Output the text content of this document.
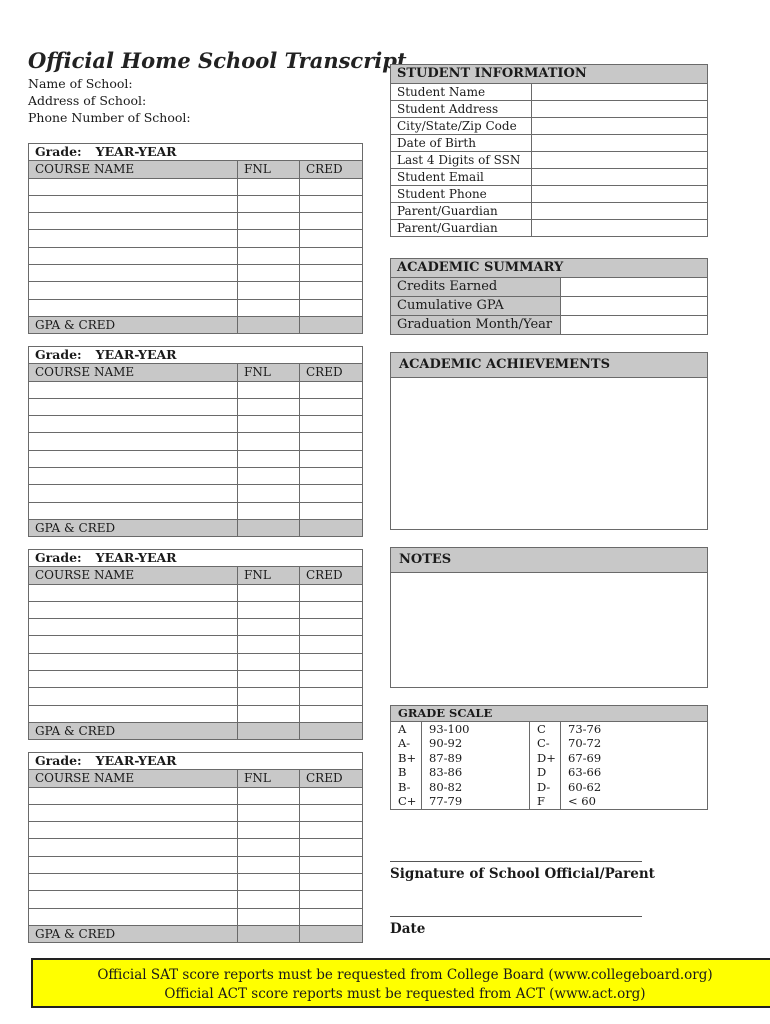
Official Home School Transcript
Name of School:
Address of School:
Phone Number of School:
Grade: YEAR-YEAR		
COURSE NAME	FNL	CRED

GPA & CRED		
Grade: YEAR-YEAR		
COURSE NAME	FNL	CRED

GPA & CRED		
Grade: YEAR-YEAR		
COURSE NAME	FNL	CRED

GPA & CRED		
Grade: YEAR-YEAR		
COURSE NAME	FNL	CRED

GPA & CRED		
STUDENT INFORMATION	
Student Name	
Student Address	
City/State/Zip Code	
Date of Birth	
Last 4 Digits of SSN	
Student Email	
Student Phone	
Parent/Guardian	
Parent/Guardian	
ACADEMIC SUMMARY	
Credits Earned	
Cumulative GPA	
Graduation Month/Year	
ACADEMIC ACHIEVEMENTS
NOTES
GRADE SCALE			
A	93-100	C	73-76
A-	90-92	C-	70-72
B+	87-89	D+	67-69
B	83-86	D	63-66
B-	80-82	D-	60-62
C+	77-79	F	< 60
Signature of School Official/Parent
Date
Official SAT score reports must be requested from College Board (www.collegeboard.org)
Official ACT score reports must be requested from ACT (www.act.org)
